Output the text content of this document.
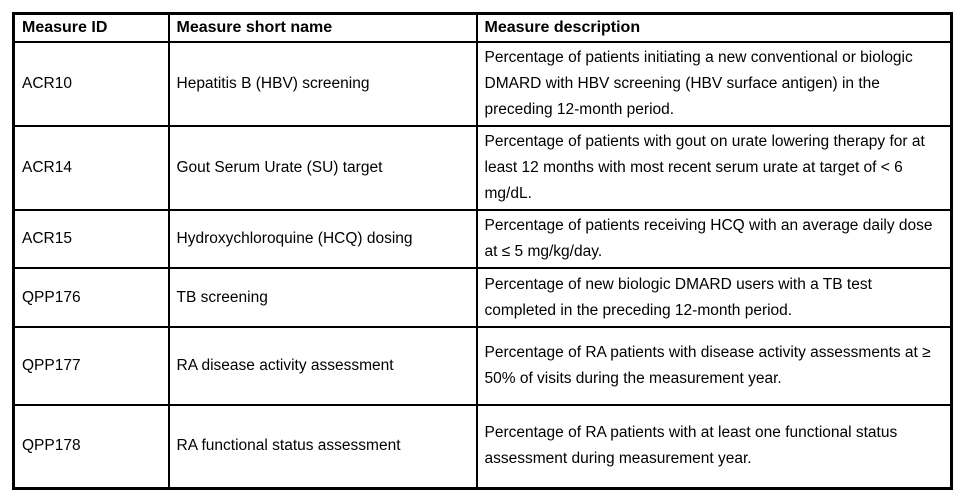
Measure ID	Measure short name	Measure description
ACR10	Hepatitis B (HBV) screening	Percentage of patients initiating a new conventional or biologic DMARD with HBV screening (HBV surface antigen) in the preceding 12-month period.
ACR14	Gout Serum Urate (SU) target	Percentage of patients with gout on urate lowering therapy for at least 12 months with most recent serum urate at target of < 6 mg/dL.
ACR15	Hydroxychloroquine (HCQ) dosing	Percentage of patients receiving HCQ with an average daily dose at ≤ 5 mg/kg/day.
QPP176	TB screening	Percentage of new biologic DMARD users with a TB test completed in the preceding 12-month period.
QPP177	RA disease activity assessment	Percentage of RA patients with disease activity assessments at ≥ 50% of visits during the measurement year.
QPP178	RA functional status assessment	Percentage of RA patients with at least one functional status assessment during measurement year.
